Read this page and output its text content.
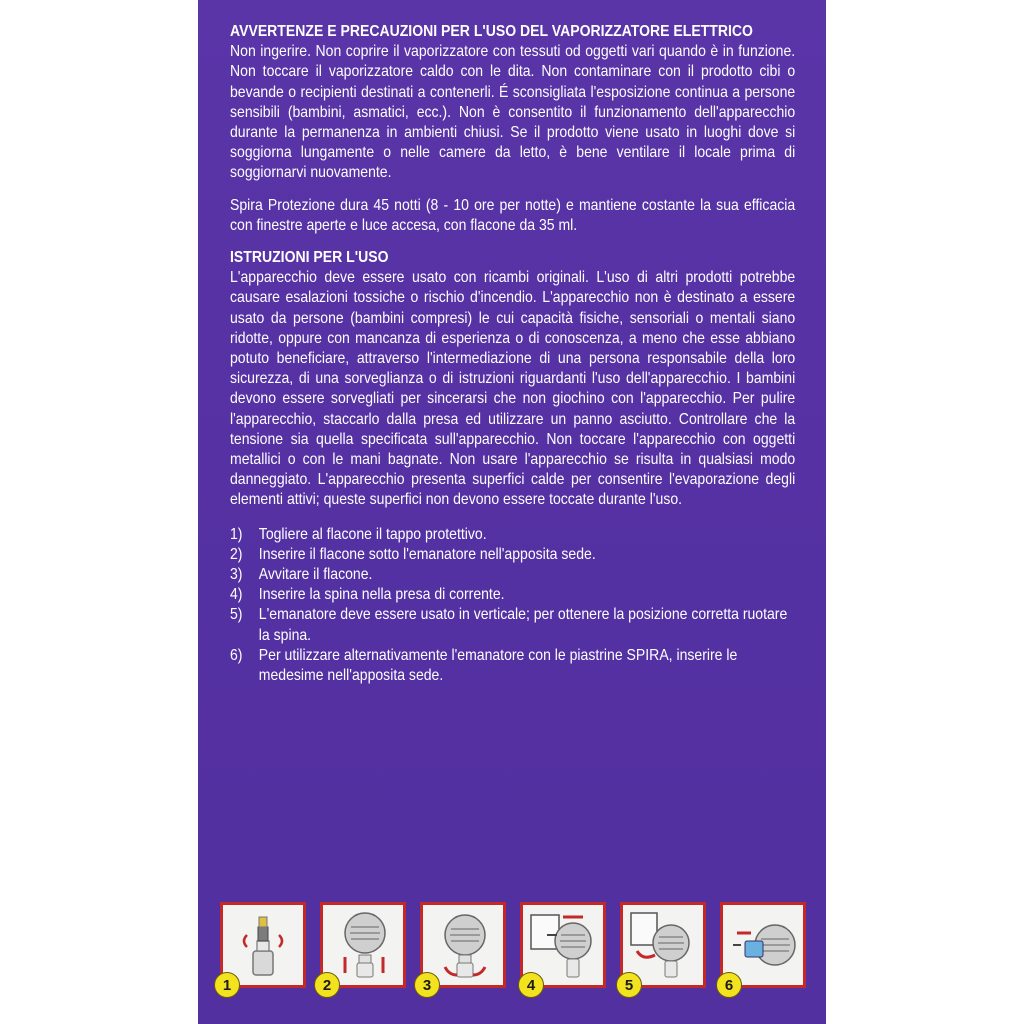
AVVERTENZE E PRECAUZIONI PER L'USO DEL VAPORIZZATORE ELETTRICO

Non ingerire. Non coprire il vaporizzatore con tessuti od oggetti vari quando è in funzione. Non toccare il vaporizzatore caldo con le dita. Non contaminare con il prodotto cibi o bevande o recipienti destinati a contenerli. É sconsigliata l'esposizione continua a persone sensibili (bambini, asmatici, ecc.). Non è consentito il funzionamento dell'apparecchio durante la permanenza in ambienti chiusi. Se il prodotto viene usato in luoghi dove si soggiorna lungamente o nelle camere da letto, è bene ventilare il locale prima di soggiornarvi nuovamente.

Spira Protezione dura 45 notti (8 - 10 ore per notte) e mantiene costante la sua efficacia con finestre aperte e luce accesa, con flacone da 35 ml.

ISTRUZIONI PER L'USO

L'apparecchio deve essere usato con ricambi originali. L'uso di altri prodotti potrebbe causare esalazioni tossiche o rischio d'incendio. L'apparecchio non è destinato a essere usato da persone (bambini compresi) le cui capacità fisiche, sensoriali o mentali siano ridotte, oppure con mancanza di esperienza o di conoscenza, a meno che esse abbiano potuto beneficiare, attraverso l'intermediazione di una persona responsabile della loro sicurezza, di una sorveglianza o di istruzioni riguardanti l'uso dell'apparecchio. I bambini devono essere sorvegliati per sincerarsi che non giochino con l'apparecchio. Per pulire l'apparecchio, staccarlo dalla presa ed utilizzare un panno asciutto. Controllare che la tensione sia quella specificata sull'apparecchio. Non toccare l'apparecchio con oggetti metallici o con le mani bagnate. Non usare l'apparecchio se risulta in qualsiasi modo danneggiato. L'apparecchio presenta superfici calde per consentire l'evaporazione degli elementi attivi; queste superfici non devono essere toccate durante l'uso.

1)	Togliere al flacone il tappo protettivo.
2)	Inserire il flacone sotto l'emanatore nell'apposita sede.
3)	Avvitare il flacone.
4)	Inserire la spina nella presa di corrente.
5)	L'emanatore deve essere usato in verticale; per ottenere la posizione corretta ruotare la spina.
6)	Per utilizzare alternativamente l'emanatore con le piastrine SPIRA, inserire le medesime nell'apposita sede.
1	2	3	4	5	6
